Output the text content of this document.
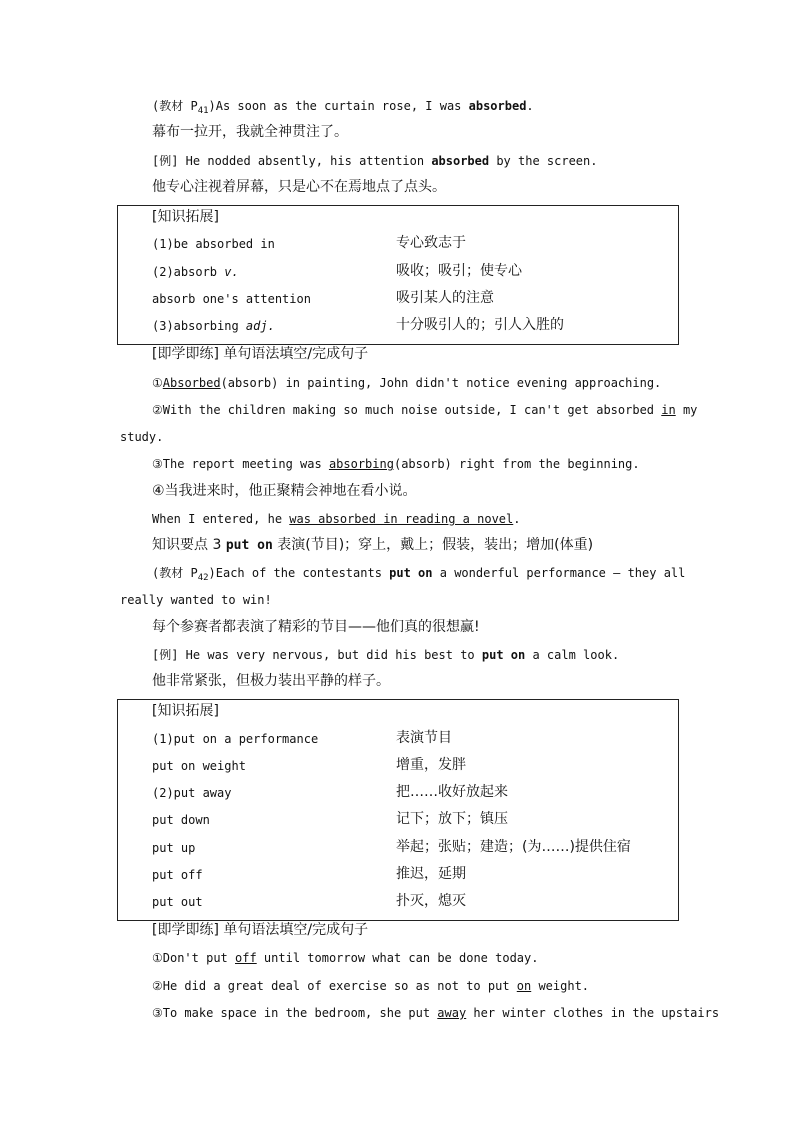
(教材 $P_{41})As$ soon as the curtain rose, I was absorbed.
幕布一拉开，我就全神贯注了。
[例] He nodded absently, his attention absorbed by the screen.
他专心注视着屏幕，只是心不在焉地点了点头。
[知识拓展]
(1)be absorbed in	专心致志于
(2)absorb v.	吸收；吸引；使专心
absorb one's attention	吸引某人的注意
(3)absorbing adj.	十分吸引人的；引人入胜的
[即学即练] 单句语法填空/完成句子
①Absorbed(absorb) in painting, John didn't notice evening approaching.
②With the children making so much noise outside, I can't get absorbed in my
study.
③The report meeting was absorbing(absorb) right from the beginning.
④当我进来时，他正聚精会神地在看小说。
When I entered, he was absorbed in reading a novel.
知识要点 3 put on 表演(节目)；穿上，戴上；假装，装出；增加(体重)
(教材 $P_{42})Each$ of the contestants put on a wonderful performance — they all
really wanted to win!
每个参赛者都表演了精彩的节目——他们真的很想赢!
[例] He was very nervous, but did his best to put on a calm look.
他非常紧张，但极力装出平静的样子。
[知识拓展]
(1)put on a performance	表演节目
put on weight	增重，发胖
(2)put away	把……收好放起来
put down	记下；放下；镇压
put up	举起；张贴；建造；(为……)提供住宿
put off	推迟，延期
put out	扑灭，熄灭
[即学即练] 单句语法填空/完成句子
①Don't put off until tomorrow what can be done today.
②He did a great deal of exercise so as not to put on weight.
③To make space in the bedroom, she put away her winter clothes in the upstairs
